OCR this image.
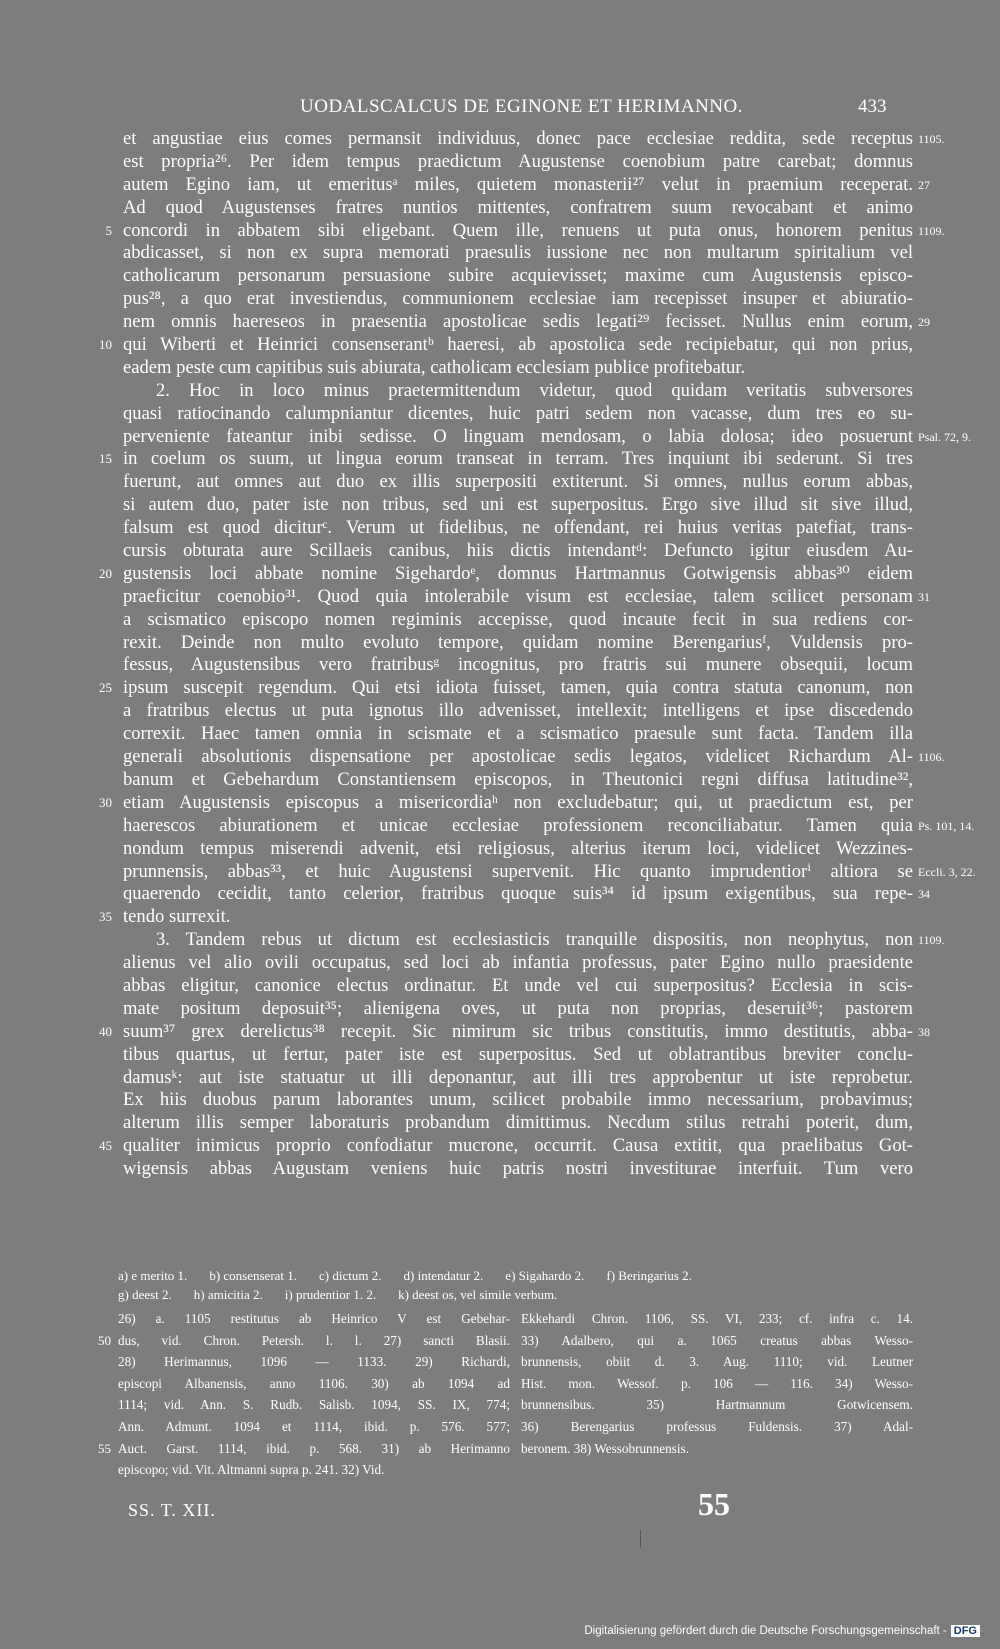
UODALSCALCUS DE EGINONE ET HERIMANNO.	433
et angustiae eius comes permansit individuus, donec pace ecclesiae reddita, sede receptus 1105.
est propria²⁶. Per idem tempus praedictum Augustense coenobium patre carebat; domnus
autem Egino iam, ut emeritusᵃ miles, quietem monasterii²⁷ velut in praemium receperat. 27
Ad quod Augustenses fratres nuntios mittentes, confratrem suum revocabant et animo
5 concordi in abbatem sibi eligebant. Quem ille, renuens ut puta onus, honorem penitus 1109.
abdicasset, si non ex supra memorati praesulis iussione nec non multarum spiritalium vel
catholicarum personarum persuasione subire acquievisset; maxime cum Augustensis episco-
pus²⁸, a quo erat investiendus, communionem ecclesiae iam recepisset insuper et abiuratio-
nem omnis haereseos in praesentia apostolicae sedis legati²⁹ fecisset. Nullus enim eorum, 29
10 qui Wiberti et Heinrici consenserantᵇ haeresi, ab apostolica sede recipiebatur, qui non prius,
eadem peste cum capitibus suis abiurata, catholicam ecclesiam publice profitebatur.
2. Hoc in loco minus praetermittendum videtur, quod quidam veritatis subversores
quasi ratiocinando calumpniantur dicentes, huic patri sedem non vacasse, dum tres eo su-
perveniente fateantur inibi sedisse. O linguam mendosam, o labia dolosa; ideo posuerunt Psal. 72, 9.
15 in coelum os suum, ut lingua eorum transeat in terram. Tres inquiunt ibi sederunt. Si tres
fuerunt, aut omnes aut duo ex illis superpositi extiterunt. Si omnes, nullus eorum abbas,
si autem duo, pater iste non tribus, sed uni est superpositus. Ergo sive illud sit sive illud,
falsum est quod diciturᶜ. Verum ut fidelibus, ne offendant, rei huius veritas patefiat, trans-
cursis obturata aure Scillaeis canibus, hiis dictis intendantᵈ: Defuncto igitur eiusdem Au-
20 gustensis loci abbate nomine Sigehardoᵉ, domnus Hartmannus Gotwigensis abbas³⁰ eidem
praeficitur coenobio³¹. Quod quia intolerabile visum est ecclesiae, talem scilicet personam 31
a scismatico episcopo nomen regiminis accepisse, quod incaute fecit in sua rediens cor-
rexit. Deinde non multo evoluto tempore, quidam nomine Berengariusᶠ, Vuldensis pro-
fessus, Augustensibus vero fratribusᵍ incognitus, pro fratris sui munere obsequii, locum
25 ipsum suscepit regendum. Qui etsi idiota fuisset, tamen, quia contra statuta canonum, non
a fratribus electus ut puta ignotus illo advenisset, intellexit; intelligens et ipse discedendo
correxit. Haec tamen omnia in scismate et a scismatico praesule sunt facta. Tandem illa
generali absolutionis dispensatione per apostolicae sedis legatos, videlicet Richardum Al- 1106.
banum et Gebehardum Constantiensem episcopos, in Theutonici regni diffusa latitudine³²,
30 etiam Augustensis episcopus a misericordiaʰ non excludebatur; qui, ut praedictum est, per
haerescos abiurationem et unicae ecclesiae professionem reconciliabatur. Tamen quia Ps. 101, 14.
nondum tempus miserendi advenit, etsi religiosus, alterius iterum loci, videlicet Wezzines-
prunnensis, abbas³³, et huic Augustensi supervenit. Hic quanto imprudentiorⁱ altiora se Eccli. 3, 22.
quaerendo cecidit, tanto celerior, fratribus quoque suis³⁴ id ipsum exigentibus, sua repe- 34
35 tendo surrexit.
3. Tandem rebus ut dictum est ecclesiasticis tranquille dispositis, non neophytus, non 1109.
alienus vel alio ovili occupatus, sed loci ab infantia professus, pater Egino nullo praesidente
abbas eligitur, canonice electus ordinatur. Et unde vel cui superpositus? Ecclesia in scis-
mate positum deposuit³⁵; alienigena oves, ut puta non proprias, deseruit³⁶; pastorem
40 suum³⁷ grex derelictus³⁸ recepit. Sic nimirum sic tribus constitutis, immo destitutis, abba- 38
tibus quartus, ut fertur, pater iste est superpositus. Sed ut oblatrantibus breviter conclu-
damusᵏ: aut iste statuatur ut illi deponantur, aut illi tres approbentur ut iste reprobetur.
Ex hiis duobus parum laborantes unum, scilicet probabile immo necessarium, probavimus;
alterum illis semper laboraturis probandum dimittimus. Necdum stilus retrahi poterit, dum,
45 qualiter inimicus proprio confodiatur mucrone, occurrit. Causa extitit, qua praelibatus Got-
wigensis abbas Augustam veniens huic patris nostri investiturae interfuit. Tum vero
a) e merito 1. b) consenserat 1. c) dictum 2. d) intendatur 2. e) Sigahardo 2. f) Beringarius 2.
g) deest 2. h) amicitia 2. i) prudentior 1. 2. k) deest os, vel simile verbum.
26) a. 1105 restitutus ab Heinrico V est Gebehar-
dus, vid. Chron. Petersh. l. l. 27) sancti Blasii.
28) Herimannus, 1096 — 1133. 29) Richardi,
episcopi Albanensis, anno 1106. 30) ab 1094 ad
1114; vid. Ann. S. Rudb. Salisb. 1094, SS. IX, 774;
Ann. Admunt. 1094 et 1114, ibid. p. 576. 577;
Auct. Garst. 1114, ibid. p. 568. 31) ab Herimanno
episcopo; vid. Vit. Altmanni supra p. 241. 32) Vid.
Ekkehardi Chron. 1106, SS. VI, 233; cf. infra c. 14.
33) Adalbero, qui a. 1065 creatus abbas Wesso-
brunnensis, obiit d. 3. Aug. 1110; vid. Leutner
Hist. mon. Wessof. p. 106 — 116. 34) Wesso-
brunnensibus. 35) Hartmannum Gotwicensem.
36) Berengarius professus Fuldensis. 37) Adal-
beronem. 38) Wessobrunnensis.
50
55
SS. T. XII.	55
Digitalisierung gefördert durch die Deutsche Forschungsgemeinschaft - DFG
